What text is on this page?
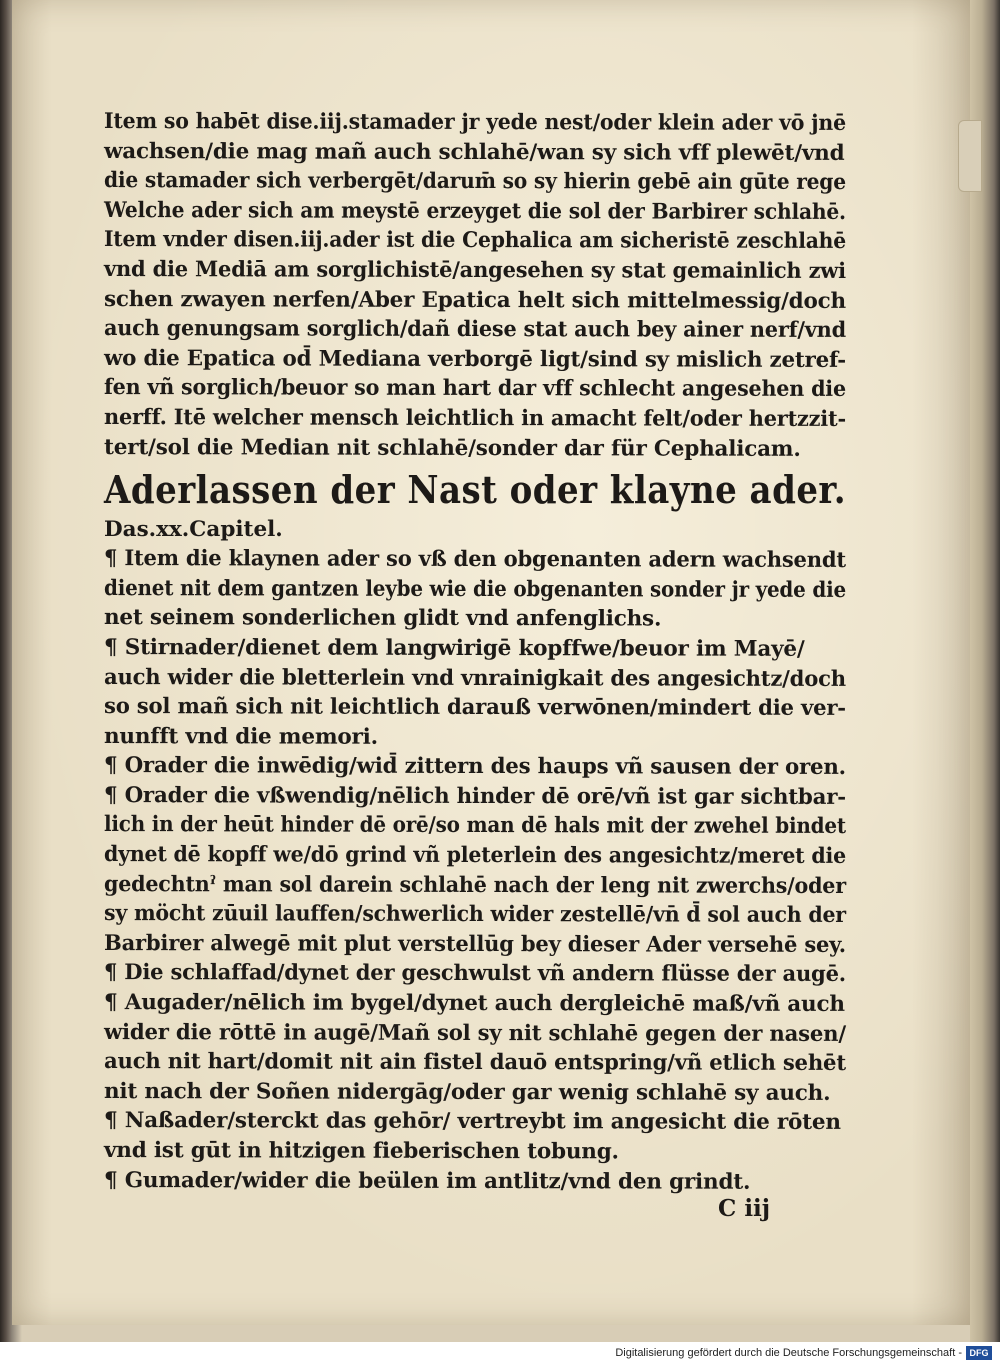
Item so habēt dise.iij.stamader jr yede nest/oder klein ader vō jnē
wachsen/die mag mañ auch schlahē/wan sy sich vff plewēt/vnd
die stamader sich verbergēt/darum̄ so sy hierin gebē ain gūte rege
Welche ader sich am meystē erzeyget die sol der Barbirer schlahē.
Item vnder disen.iij.ader ist die Cephalica am sicheristē zeschlahē
vnd die Mediā am sorglichistē/angesehen sy stat gemainlich zwi
schen zwayen nerfen/Aber Epatica helt sich mittelmessig/doch
auch genungsam sorglich/dañ diese stat auch bey ainer nerf/vnd
wo die Epatica od̄ Mediana verborgē ligt/sind sy mislich zetref-
fen vñ sorglich/beuor so man hart dar vff schlecht angesehen die
nerff. Itē welcher mensch leichtlich in amacht felt/oder hertzzit-
tert/sol die Median nit schlahē/sonder dar für Cephalicam.
Aderlassen der Nast oder klayne ader.
Das.xx.Capitel.
¶ Item die klaynen ader so vß den obgenanten adern wachsendt
dienet nit dem gantzen leybe wie die obgenanten sonder jr yede die
net seinem sonderlichen glidt vnd anfenglichs.
¶ Stirnader/dienet dem langwirigē kopffwe/beuor im Mayē/
auch wider die bletterlein vnd vnrainigkait des angesichtz/doch
so sol mañ sich nit leichtlich darauß verwōnen/mindert die ver-
nunfft vnd die memori.
¶ Orader die inwēdig/wid̄ zittern des haups vñ sausen der oren.
¶ Orader die vßwendig/nēlich hinder dē orē/vñ ist gar sichtbar-
lich in der heūt hinder dē orē/so man dē hals mit der zwehel bindet
dynet dē kopff we/dō grind vñ pleterlein des angesichtz/meret die
gedechtnˀ man sol darein schlahē nach der leng nit zwerchs/oder
sy möcht zūuil lauffen/schwerlich wider zestellē/vn̄ d̄ sol auch der
Barbirer alwegē mit plut verstellūg bey dieser Ader versehē sey.
¶ Die schlaffad/dynet der geschwulst vñ andern flüsse der augē.
¶ Augader/nēlich im bygel/dynet auch dergleichē maß/vñ auch
wider die rōttē in augē/Mañ sol sy nit schlahē gegen der nasen/
auch nit hart/domit nit ain fistel dauō entspring/vñ etlich sehēt
nit nach der Soñen nidergāg/oder gar wenig schlahē sy auch.
¶ Naßader/sterckt das gehōr/ vertreybt im angesicht die rōten
vnd ist gūt in hitzigen fieberischen tobung.
¶ Gumader/wider die beülen im antlitz/vnd den grindt.
C iij
Digitalisierung gefördert durch die Deutsche Forschungsgemeinschaft - DFG
